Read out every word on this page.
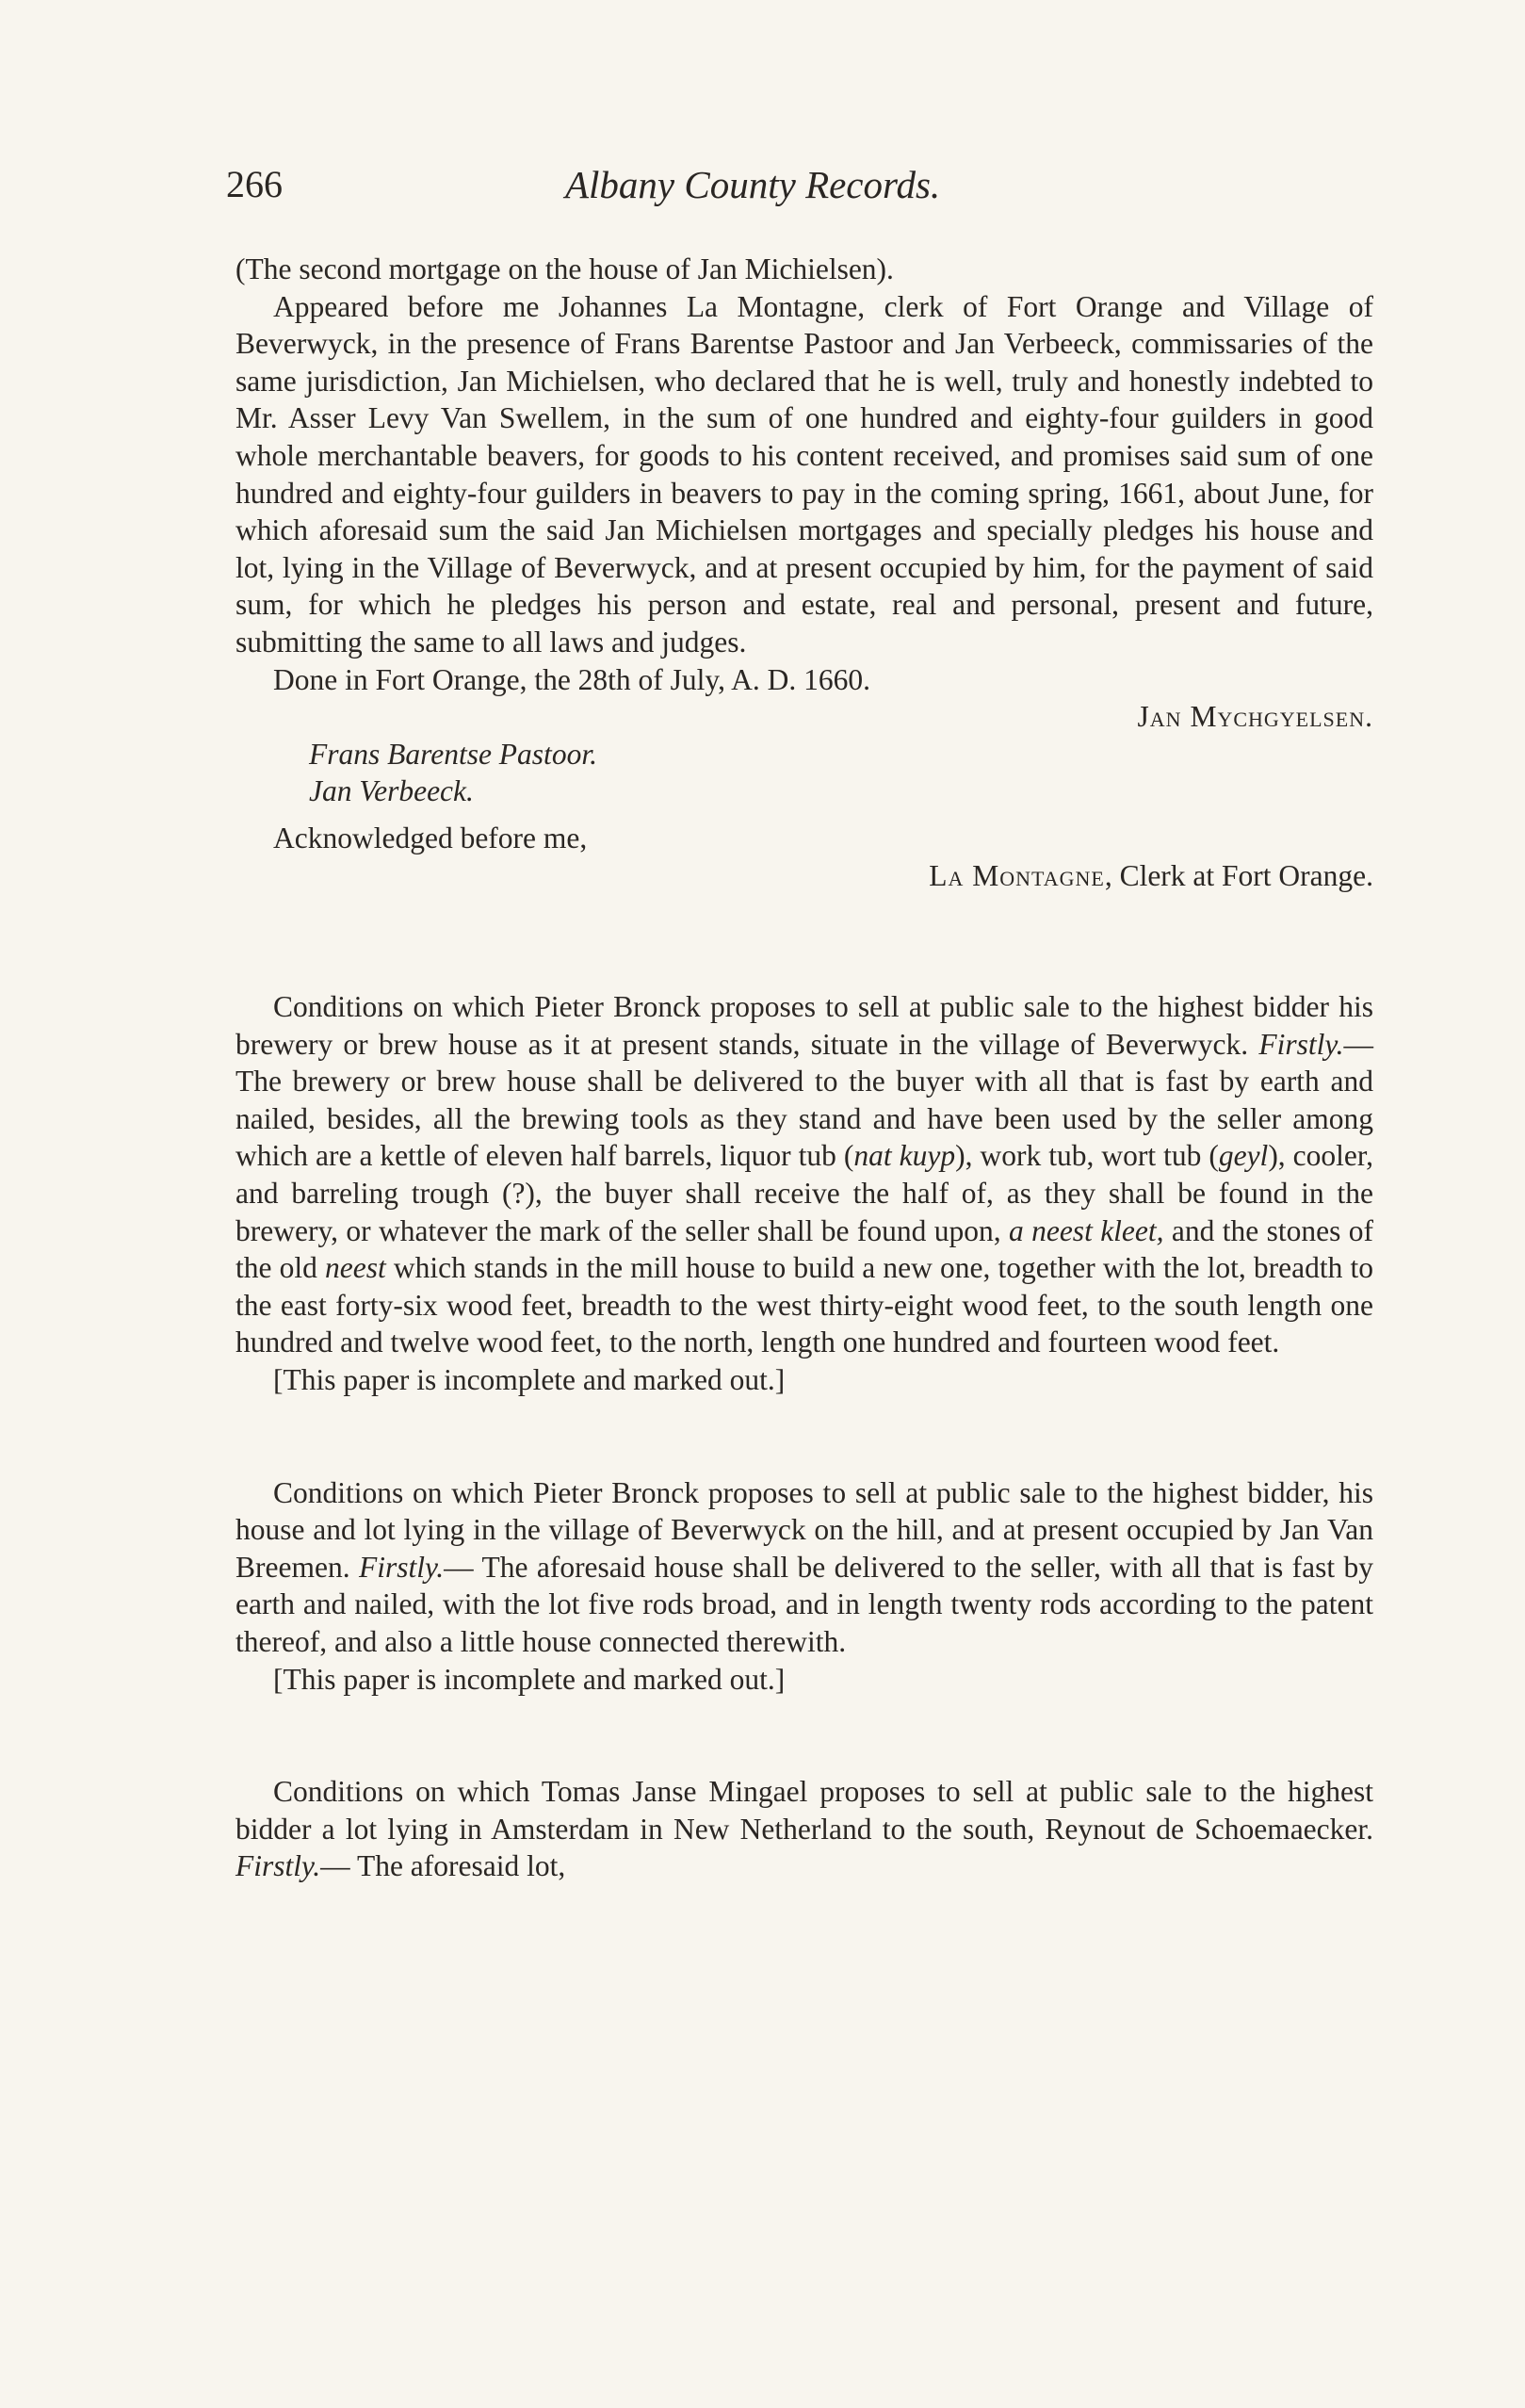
266	Albany County Records.

(The second mortgage on the house of Jan Michielsen).

Appeared before me Johannes La Montagne, clerk of Fort Orange and Village of Beverwyck, in the presence of Frans Barentse Pastoor and Jan Verbeeck, commissaries of the same jurisdiction, Jan Michielsen, who declared that he is well, truly and honestly indebted to Mr. Asser Levy Van Swellem, in the sum of one hundred and eighty-four guilders in good whole merchantable beavers, for goods to his content received, and promises said sum of one hundred and eighty-four guilders in beavers to pay in the coming spring, 1661, about June, for which aforesaid sum the said Jan Michielsen mortgages and specially pledges his house and lot, lying in the Village of Beverwyck, and at present occupied by him, for the payment of said sum, for which he pledges his person and estate, real and personal, present and future, submitting the same to all laws and judges.

Done in Fort Orange, the 28th of July, A. D. 1660.

Jan Mychgyelsen.

Frans Barentse Pastoor.

Jan Verbeeck.

Acknowledged before me,

La Montagne, Clerk at Fort Orange.

Conditions on which Pieter Bronck proposes to sell at public sale to the highest bidder his brewery or brew house as it at present stands, situate in the village of Beverwyck. Firstly.— The brewery or brew house shall be delivered to the buyer with all that is fast by earth and nailed, besides, all the brewing tools as they stand and have been used by the seller among which are a kettle of eleven half barrels, liquor tub (nat kuyp), work tub, wort tub (geyl), cooler, and barreling trough (?), the buyer shall receive the half of, as they shall be found in the brewery, or whatever the mark of the seller shall be found upon, a neest kleet, and the stones of the old neest which stands in the mill house to build a new one, together with the lot, breadth to the east forty-six wood feet, breadth to the west thirty-eight wood feet, to the south length one hundred and twelve wood feet, to the north, length one hundred and fourteen wood feet.

[This paper is incomplete and marked out.]

Conditions on which Pieter Bronck proposes to sell at public sale to the highest bidder, his house and lot lying in the village of Beverwyck on the hill, and at present occupied by Jan Van Breemen. Firstly.— The aforesaid house shall be delivered to the seller, with all that is fast by earth and nailed, with the lot five rods broad, and in length twenty rods according to the patent thereof, and also a little house connected therewith.

[This paper is incomplete and marked out.]

Conditions on which Tomas Janse Mingael proposes to sell at public sale to the highest bidder a lot lying in Amsterdam in New Netherland to the south, Reynout de Schoemaecker. Firstly.— The aforesaid lot,
